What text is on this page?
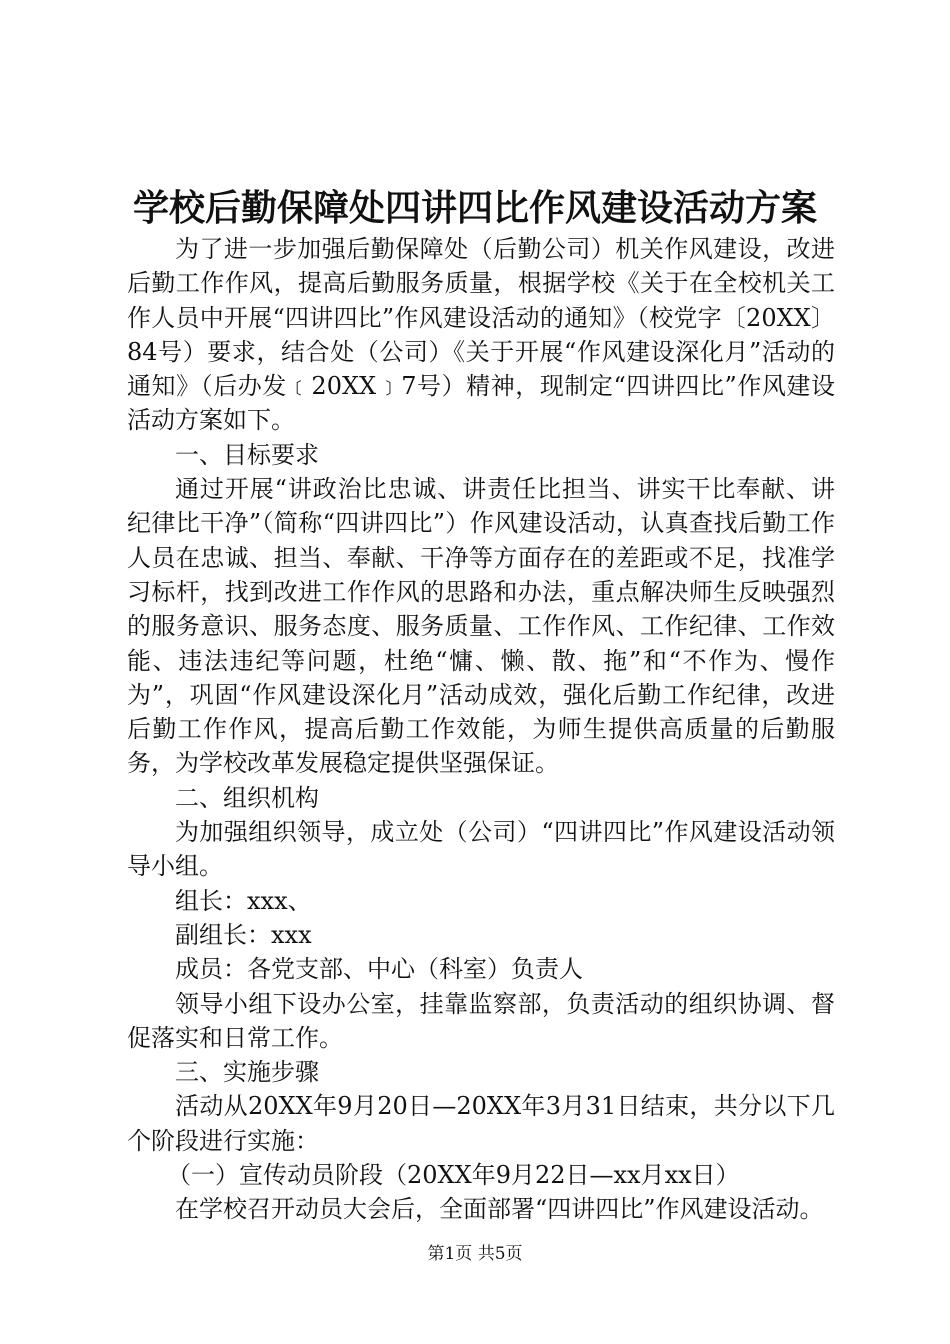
学校后勤保障处四讲四比作风建设活动方案

为了进一步加强后勤保障处（后勤公司）机关作风建设，改进后勤工作作风，提高后勤服务质量，根据学校《关于在全校机关工作人员中开展“四讲四比”作风建设活动的通知》（校党字〔20XX〕84号）要求，结合处（公司）《关于开展“作风建设深化月”活动的通知》（后办发﹝20XX﹞7号）精神，现制定“四讲四比”作风建设活动方案如下。

一、目标要求

通过开展“讲政治比忠诚、讲责任比担当、讲实干比奉献、讲纪律比干净”（简称“四讲四比”）作风建设活动，认真查找后勤工作人员在忠诚、担当、奉献、干净等方面存在的差距或不足，找准学习标杆，找到改进工作作风的思路和办法，重点解决师生反映强烈的服务意识、服务态度、服务质量、工作作风、工作纪律、工作效能、违法违纪等问题，杜绝“慵、懒、散、拖”和“不作为、慢作为”，巩固“作风建设深化月”活动成效，强化后勤工作纪律，改进后勤工作作风，提高后勤工作效能，为师生提供高质量的后勤服务，为学校改革发展稳定提供坚强保证。

二、组织机构

为加强组织领导，成立处（公司）“四讲四比”作风建设活动领导小组。

组长：xxx、

副组长：xxx

成员：各党支部、中心（科室）负责人

领导小组下设办公室，挂靠监察部，负责活动的组织协调、督促落实和日常工作。

三、实施步骤

活动从20XX年9月20日—20XX年3月31日结束，共分以下几个阶段进行实施：

（一）宣传动员阶段（20XX年9月22日—xx月xx日）

在学校召开动员大会后，全面部署“四讲四比”作风建设活动。

第1页 共5页
